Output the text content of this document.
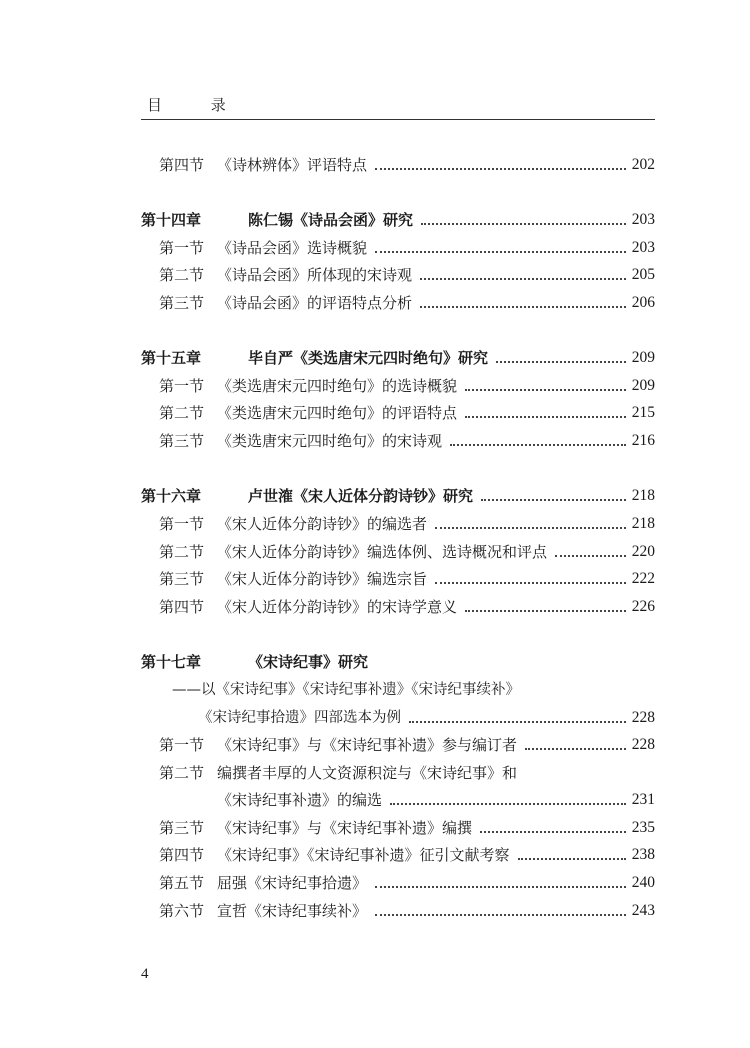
目 录
第四节 《诗林辨体》评语特点	202
第十四章	陈仁锡《诗品会函》研究	203
第一节 《诗品会函》选诗概貌	203
第二节 《诗品会函》所体现的宋诗观	205
第三节 《诗品会函》的评语特点分析	206
第十五章	毕自严《类选唐宋元四时绝句》研究	209
第一节 《类选唐宋元四时绝句》的选诗概貌	209
第二节 《类选唐宋元四时绝句》的评语特点	215
第三节 《类选唐宋元四时绝句》的宋诗观	216
第十六章	卢世㴶《宋人近体分韵诗钞》研究	218
第一节 《宋人近体分韵诗钞》的编选者	218
第二节 《宋人近体分韵诗钞》编选体例、选诗概况和评点	220
第三节 《宋人近体分韵诗钞》编选宗旨	222
第四节 《宋人近体分韵诗钞》的宋诗学意义	226
第十七章	《宋诗纪事》研究
——以《宋诗纪事》《宋诗纪事补遗》《宋诗纪事续补》
《宋诗纪事拾遗》四部选本为例	228
第一节 《宋诗纪事》与《宋诗纪事补遗》参与编订者	228
第二节 编撰者丰厚的人文资源积淀与《宋诗纪事》和
《宋诗纪事补遗》的编选	231
第三节 《宋诗纪事》与《宋诗纪事补遗》编撰	235
第四节 《宋诗纪事》《宋诗纪事补遗》征引文献考察	238
第五节 屈强《宋诗纪事拾遗》	240
第六节 宣哲《宋诗纪事续补》	243
4
